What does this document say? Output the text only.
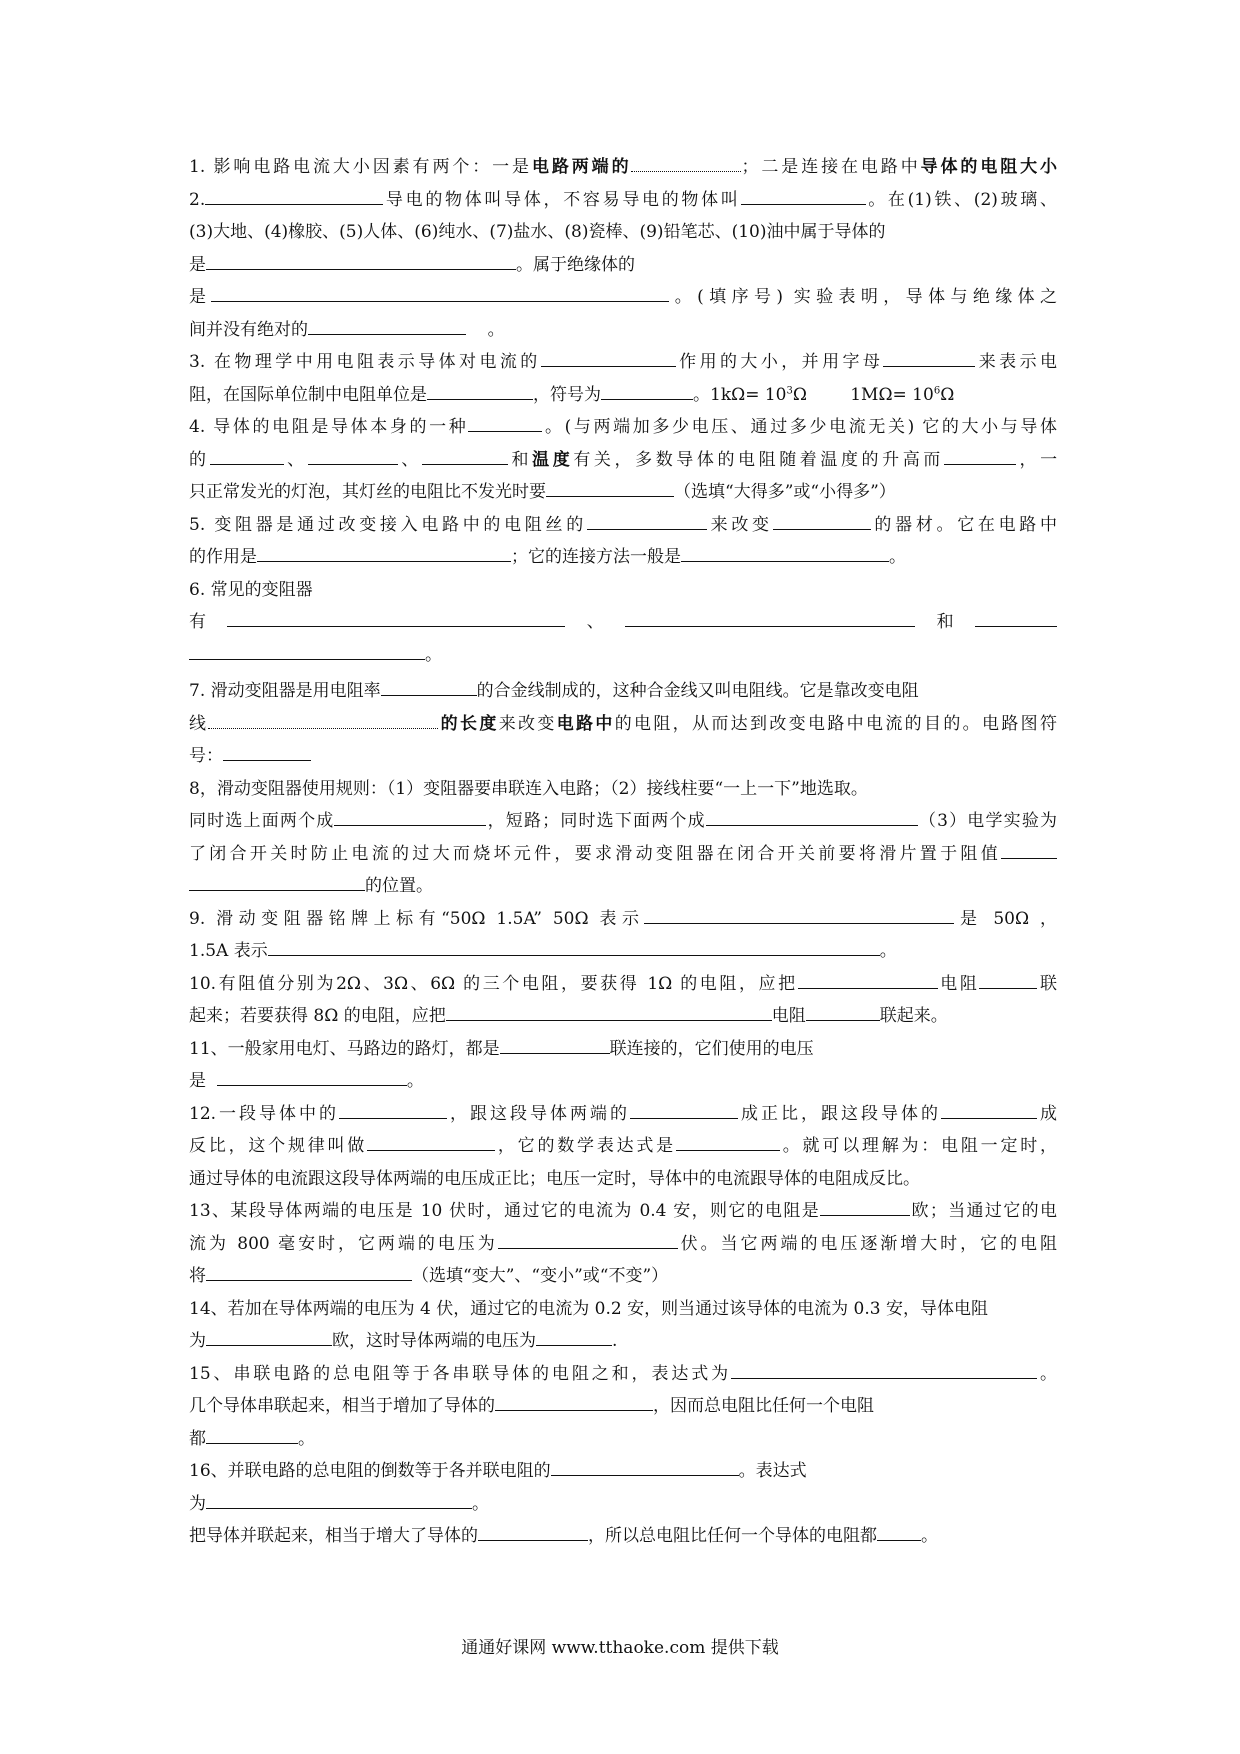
1. 影响电路电流大小因素有两个：一是电路两端的	；二是连接在电路中导体的电阻大小
2.	导电的物体叫导体，不容易导电的物体叫	。在(1)铁、(2)玻璃、
(3)大地、(4)橡胶、(5)人体、(6)纯水、(7)盐水、(8)瓷棒、(9)铅笔芯、(10)油中属于导体的
是	。属于绝缘体的
是	。(填序号) 实验表明，导体与绝缘体之
间并没有绝对的	。
3. 在物理学中用电阻表示导体对电流的	作用的大小，并用字母	来表示电
阻，在国际单位制中电阻单位是	，符号为	。$1k\Omega= 10^3\Omega$	$1M\Omega= 10^6\Omega$
4. 导体的电阻是导体本身的一种	。(与两端加多少电压、通过多少电流无关) 它的大小与导体
的	、	、	和温度有关，多数导体的电阻随着温度的升高而	，一
只正常发光的灯泡，其灯丝的电阻比不发光时要	（选填“大得多”或“小得多”）
5. 变阻器是通过改变接入电路中的电阻丝的	来改变	的器材。它在电路中
的作用是	；它的连接方法一般是	。
6. 常见的变阻器
有	、	和
。
7. 滑动变阻器是用电阻率	的合金线制成的，这种合金线又叫电阻线。它是靠改变电阻
线	的长度来改变电路中的电阻，从而达到改变电路中电流的目的。电路图符
号：
8，滑动变阻器使用规则：（1）变阻器要串联连入电路；（2）接线柱要“一上一下”地选取。
同时选上面两个成	，短路；同时选下面两个成	（3）电学实验为
了闭合开关时防止电流的过大而烧坏元件，要求滑动变阻器在闭合开关前要将滑片置于阻值
的位置。
9. 滑动变阻器铭牌上标有“50Ω 1.5A” 50Ω 表示	是 50Ω ，
1.5A 表示	。
10.有阻值分别为2Ω、3Ω、6Ω 的三个电阻，要获得 1Ω 的电阻，应把	电阻	联
起来；若要获得 8Ω 的电阻，应把	电阻	联起来。
11、一般家用电灯、马路边的路灯，都是	联连接的，它们使用的电压
是	。
12.一段导体中的	，跟这段导体两端的	成正比，跟这段导体的	成
反比，这个规律叫做	，它的数学表达式是	。就可以理解为：电阻一定时，
通过导体的电流跟这段导体两端的电压成正比；电压一定时，导体中的电流跟导体的电阻成反比。
13、某段导体两端的电压是 10 伏时，通过它的电流为 0.4 安，则它的电阻是	欧；当通过它的电
流为 800 毫安时，它两端的电压为	伏。当它两端的电压逐渐增大时，它的电阻
将	（选填“变大”、“变小”或“不变”）
14、若加在导体两端的电压为 4 伏，通过它的电流为 0.2 安，则当通过该导体的电流为 0.3 安，导体电阻
为	欧，这时导体两端的电压为	.
15、串联电路的总电阻等于各串联导体的电阻之和，表达式为	。
几个导体串联起来，相当于增加了导体的	，因而总电阻比任何一个电阻
都	。
16、并联电路的总电阻的倒数等于各并联电阻的	。表达式
为	。
把导体并联起来，相当于增大了导体的	，所以总电阻比任何一个导体的电阻都	。
通通好课网 www.tthaoke.com 提供下载
